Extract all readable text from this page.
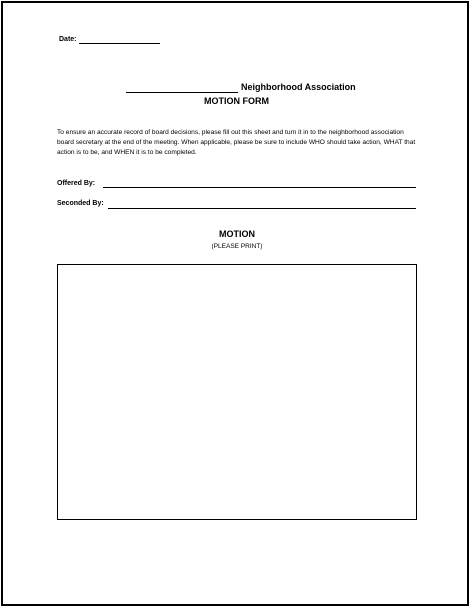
Date:
Neighborhood Association
MOTION FORM
To ensure an accurate record of board decisions, please fill out this sheet and turn it in to the neighborhood association board secretary at the end of the meeting. When applicable, please be sure to include WHO should take action, WHAT that action is to be, and WHEN it is to be completed.
Offered By:
Seconded By:
MOTION
(PLEASE PRINT)
